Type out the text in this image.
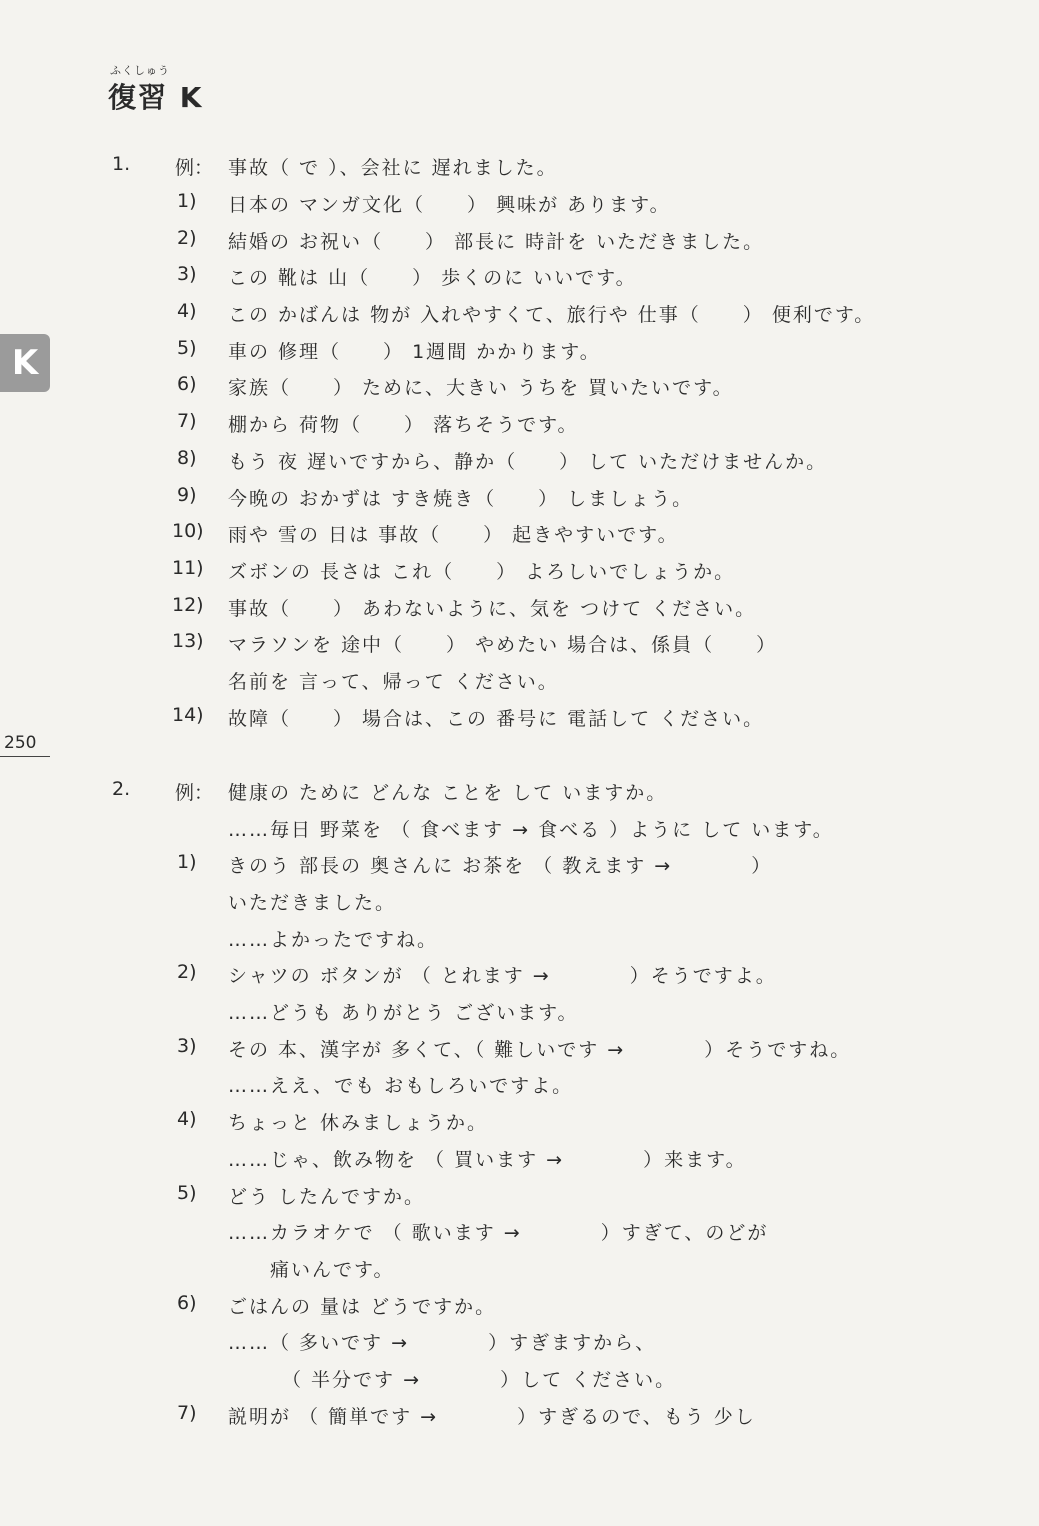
ふくしゅう
復習 K
K
250
1. 例： 事故（ で ）、会社に 遅れました。
1) 日本の マンガ文化（　　） 興味が あります。
2) 結婚の お祝い（　　） 部長に 時計を いただきました。
3) この 靴は 山（　　） 歩くのに いいです。
4) この かばんは 物が 入れやすくて、旅行や 仕事（　　） 便利です。
5) 車の 修理（　　） 1週間 かかります。
6) 家族（　　） ために、大きい うちを 買いたいです。
7) 棚から 荷物（　　） 落ちそうです。
8) もう 夜 遅いですから、静か（　　） して いただけませんか。
9) 今晩の おかずは すき焼き（　　） しましょう。
10) 雨や 雪の 日は 事故（　　） 起きやすいです。
11) ズボンの 長さは これ（　　） よろしいでしょうか。
12) 事故（　　） あわないように、気を つけて ください。
13) マラソンを 途中（　　） やめたい 場合は、係員（　　）
名前を 言って、帰って ください。
14) 故障（　　） 場合は、この 番号に 電話して ください。
2. 例： 健康の ために どんな ことを して いますか。
……毎日 野菜を （ 食べます → 食べる ）ように して います。
1) きのう 部長の 奥さんに お茶を （ 教えます → 　　　 ）
いただきました。
……よかったですね。
2) シャツの ボタンが （ とれます → 　　　 ）そうですよ。
……どうも ありがとう ございます。
3) その 本、漢字が 多くて、（ 難しいです → 　　　 ）そうですね。
……ええ、でも おもしろいですよ。
4) ちょっと 休みましょうか。
……じゃ、飲み物を （ 買います → 　　　 ）来ます。
5) どう したんですか。
……カラオケで （ 歌います → 　　　 ）すぎて、のどが
痛いんです。
6) ごはんの 量は どうですか。
……（ 多いです → 　　　 ）すぎますから、
（ 半分です → 　　　 ）して ください。
7) 説明が （ 簡単です → 　　　 ）すぎるので、もう 少し
